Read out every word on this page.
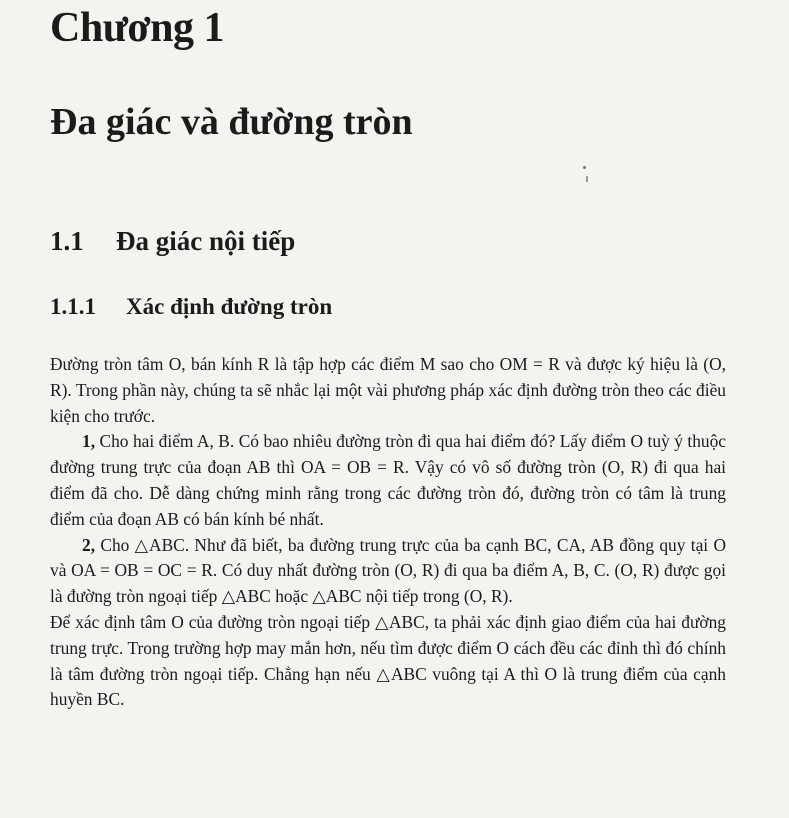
Chương 1
Đa giác và đường tròn
1.1 Đa giác nội tiếp
1.1.1 Xác định đường tròn

Đường tròn tâm O, bán kính R là tập hợp các điểm M sao cho OM = R và được ký hiệu là (O, R). Trong phần này, chúng ta sẽ nhắc lại một vài phương pháp xác định đường tròn theo các điều kiện cho trước.

1, Cho hai điểm A, B. Có bao nhiêu đường tròn đi qua hai điểm đó? Lấy điểm O tuỳ ý thuộc đường trung trực của đoạn AB thì OA = OB = R. Vậy có vô số đường tròn (O, R) đi qua hai điểm đã cho. Dễ dàng chứng minh rằng trong các đường tròn đó, đường tròn có tâm là trung điểm của đoạn AB có bán kính bé nhất.

2, Cho △ABC. Như đã biết, ba đường trung trực của ba cạnh BC, CA, AB đồng quy tại O và OA = OB = OC = R. Có duy nhất đường tròn (O, R) đi qua ba điểm A, B, C. (O, R) được gọi là đường tròn ngoại tiếp △ABC hoặc △ABC nội tiếp trong (O, R).

Để xác định tâm O của đường tròn ngoại tiếp △ABC, ta phải xác định giao điểm của hai đường trung trực. Trong trường hợp may mắn hơn, nếu tìm được điểm O cách đều các đỉnh thì đó chính là tâm đường tròn ngoại tiếp. Chẳng hạn nếu △ABC vuông tại A thì O là trung điểm của cạnh huyền BC.
